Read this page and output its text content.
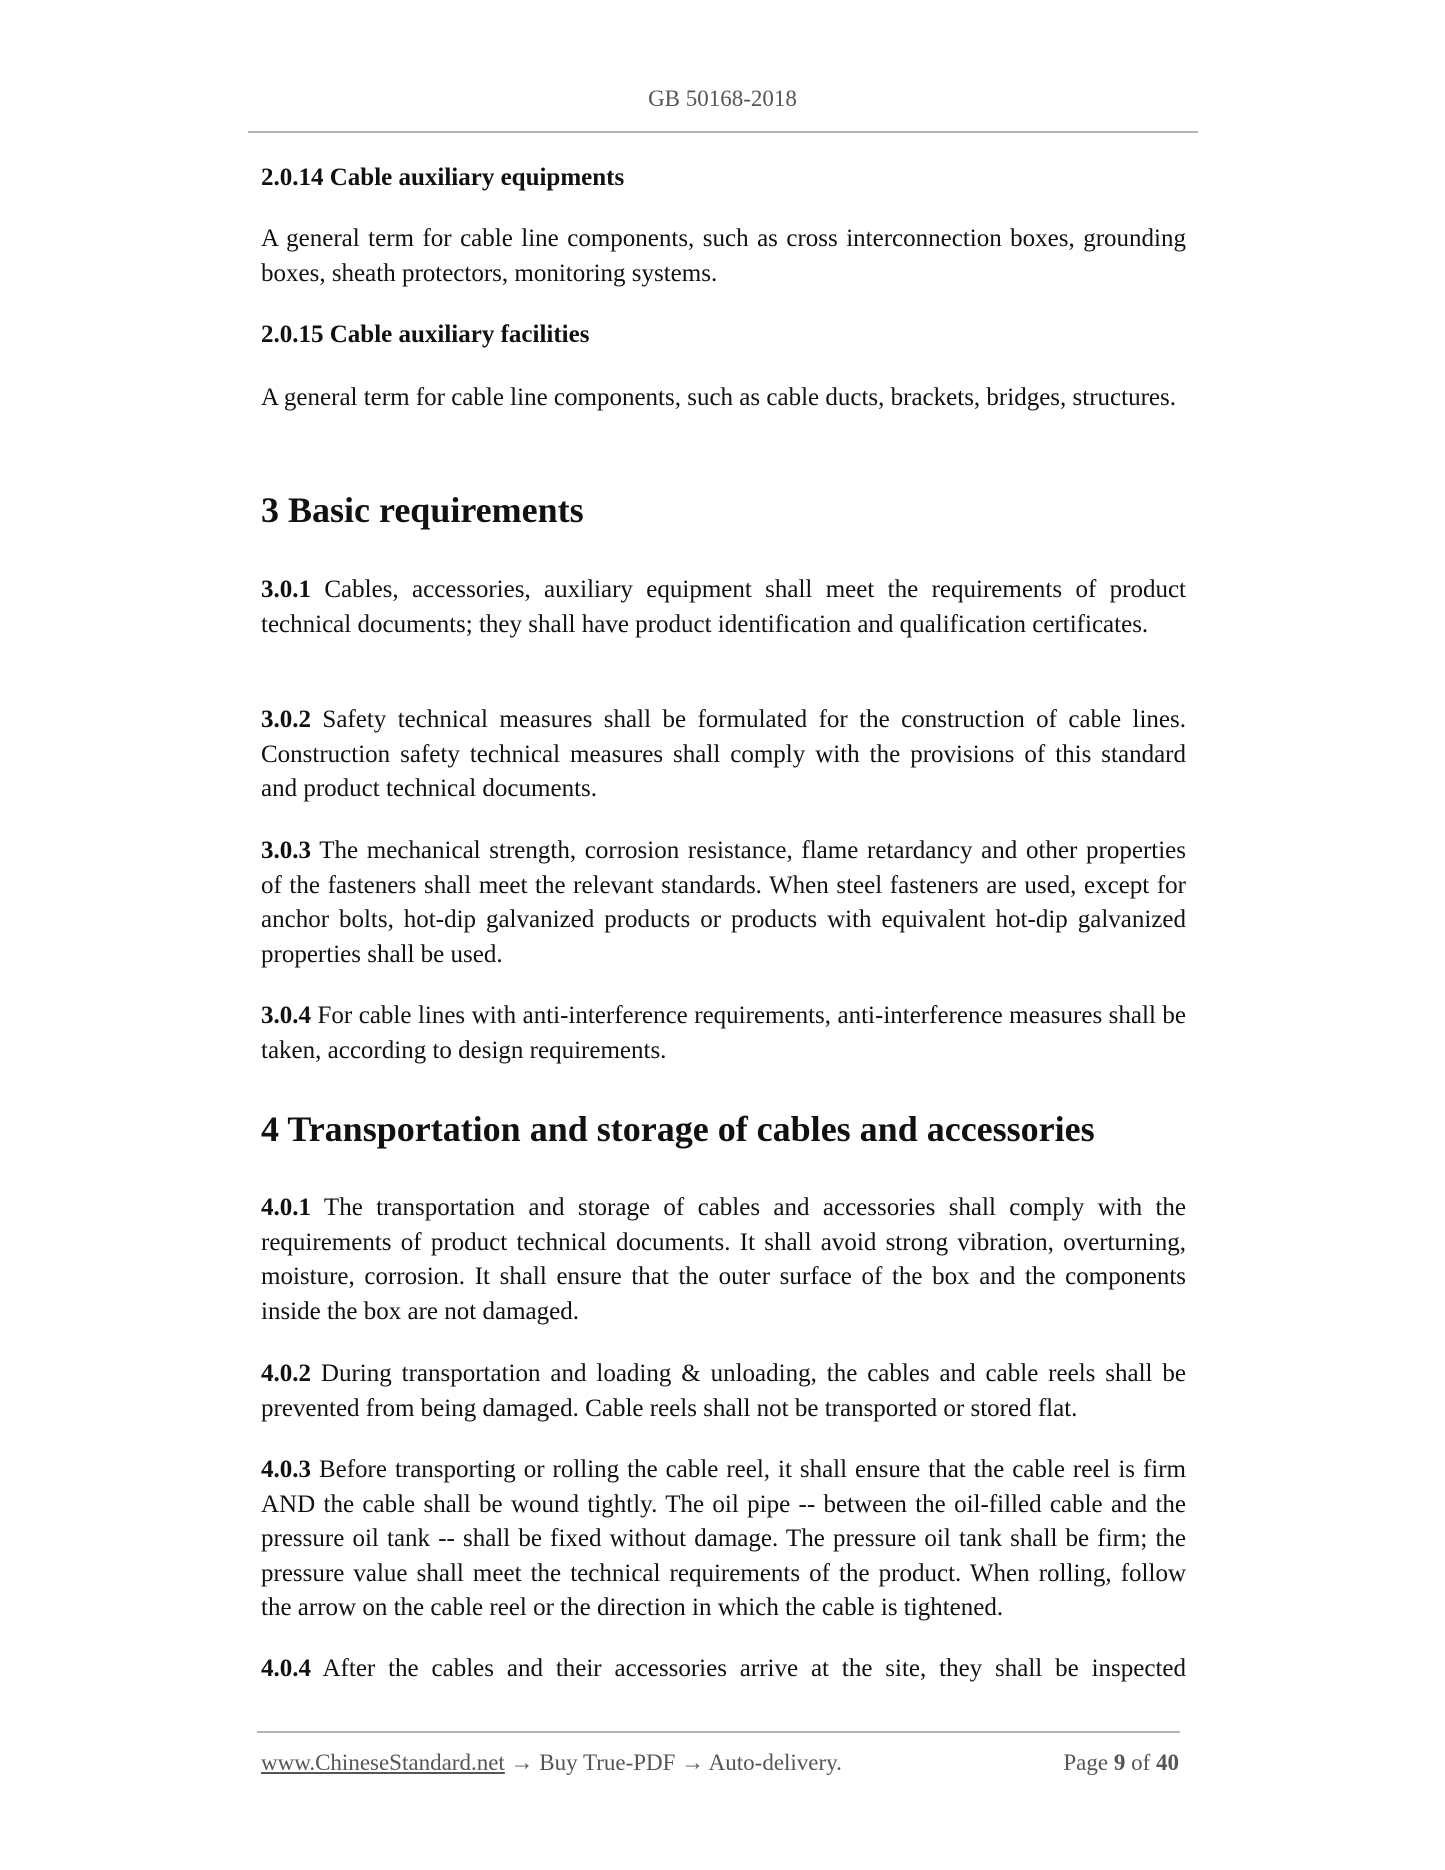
GB 50168-2018
2.0.14 Cable auxiliary equipments
A general term for cable line components, such as cross interconnection boxes, grounding boxes, sheath protectors, monitoring systems.
2.0.15 Cable auxiliary facilities
A general term for cable line components, such as cable ducts, brackets, bridges, structures.
3 Basic requirements
3.0.1 Cables, accessories, auxiliary equipment shall meet the requirements of product technical documents; they shall have product identification and qualification certificates.
3.0.2 Safety technical measures shall be formulated for the construction of cable lines. Construction safety technical measures shall comply with the provisions of this standard and product technical documents.
3.0.3 The mechanical strength, corrosion resistance, flame retardancy and other properties of the fasteners shall meet the relevant standards. When steel fasteners are used, except for anchor bolts, hot-dip galvanized products or products with equivalent hot-dip galvanized properties shall be used.
3.0.4 For cable lines with anti-interference requirements, anti-interference measures shall be taken, according to design requirements.
4 Transportation and storage of cables and accessories
4.0.1 The transportation and storage of cables and accessories shall comply with the requirements of product technical documents. It shall avoid strong vibration, overturning, moisture, corrosion. It shall ensure that the outer surface of the box and the components inside the box are not damaged.
4.0.2 During transportation and loading & unloading, the cables and cable reels shall be prevented from being damaged. Cable reels shall not be transported or stored flat.
4.0.3 Before transporting or rolling the cable reel, it shall ensure that the cable reel is firm AND the cable shall be wound tightly. The oil pipe -- between the oil-filled cable and the pressure oil tank -- shall be fixed without damage. The pressure oil tank shall be firm; the pressure value shall meet the technical requirements of the product. When rolling, follow the arrow on the cable reel or the direction in which the cable is tightened.
4.0.4 After the cables and their accessories arrive at the site, they shall be inspected
www.ChineseStandard.net → Buy True-PDF → Auto-delivery.	Page 9 of 40
